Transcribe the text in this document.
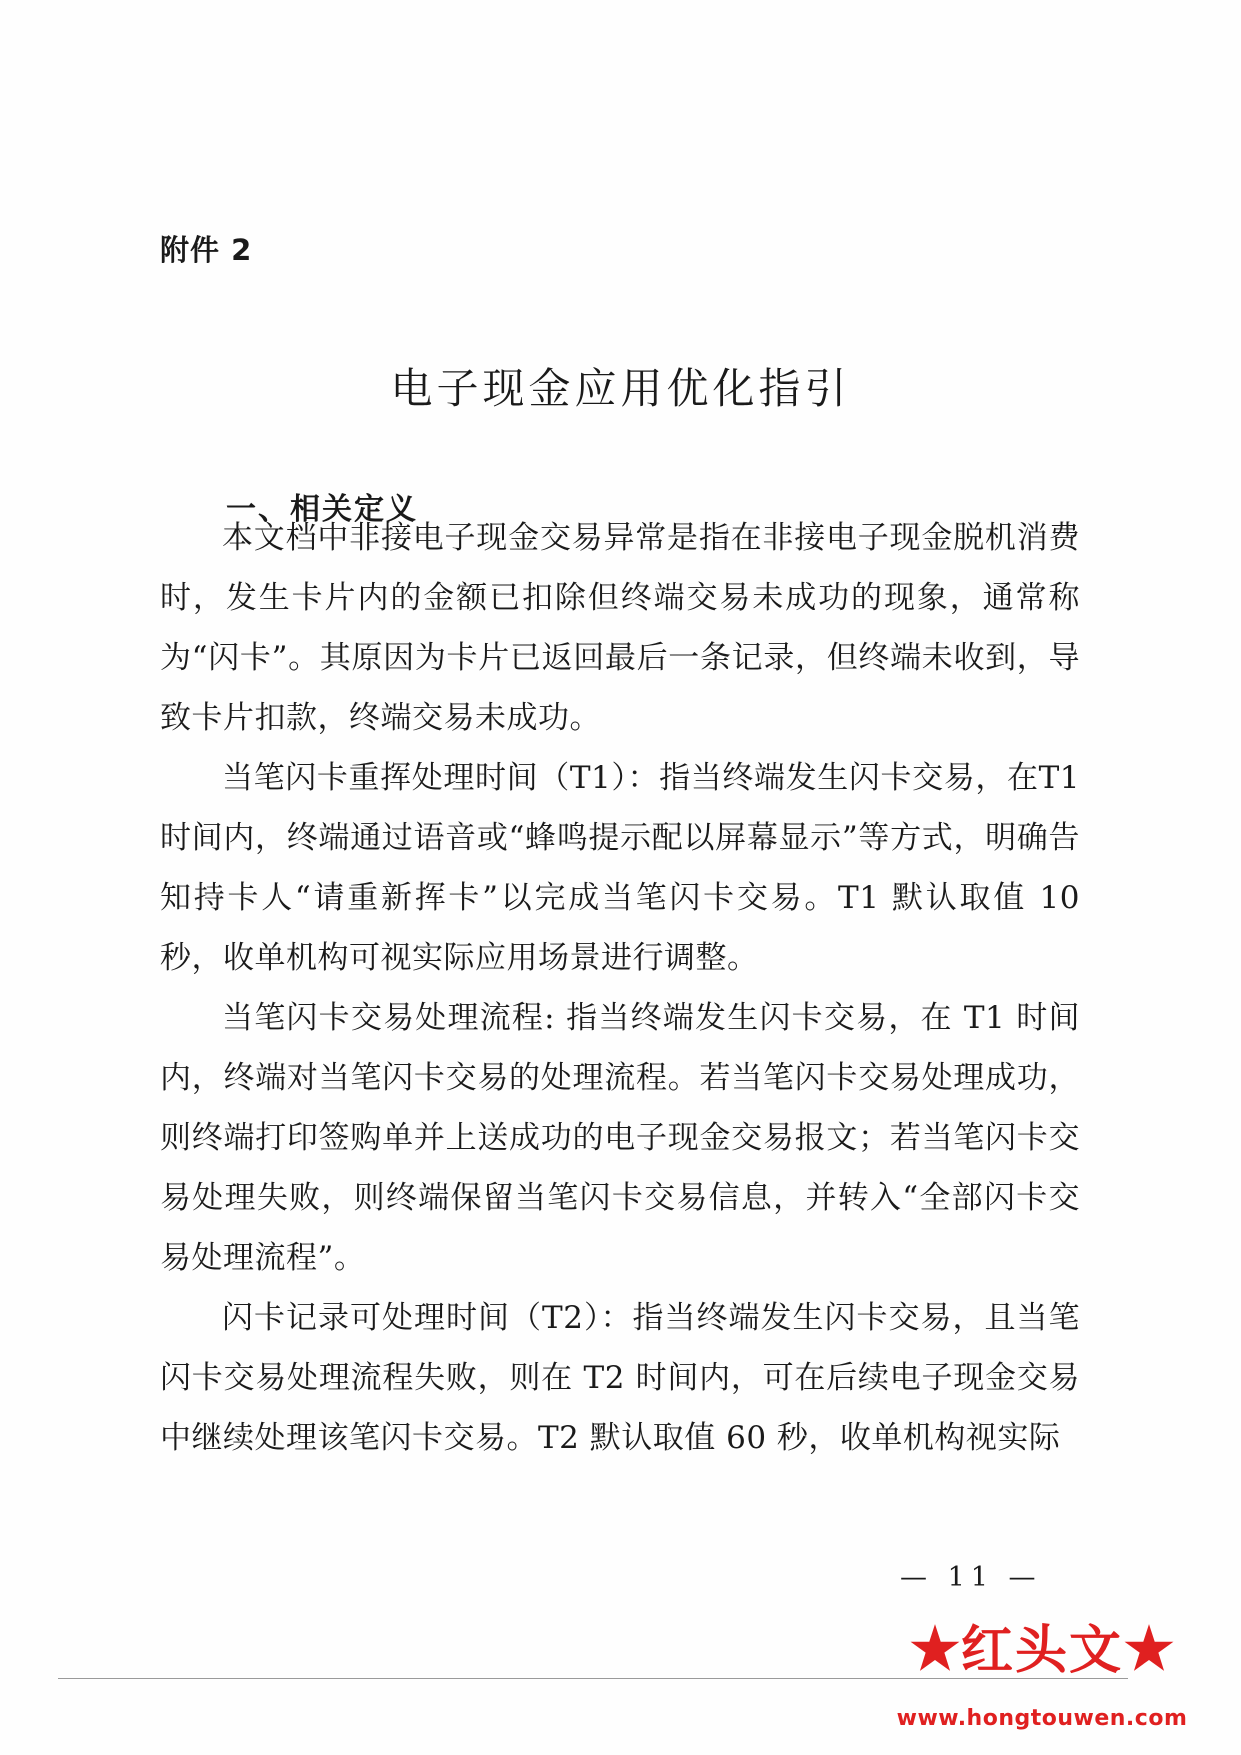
附件 2
电子现金应用优化指引
一、相关定义

本文档中非接电子现金交易异常是指在非接电子现金脱机消费时，发生卡片内的金额已扣除但终端交易未成功的现象，通常称为“闪卡”。其原因为卡片已返回最后一条记录，但终端未收到，导致卡片扣款，终端交易未成功。

当笔闪卡重挥处理时间（T1）：指当终端发生闪卡交易，在T1 时间内，终端通过语音或“蜂鸣提示配以屏幕显示”等方式，明确告知持卡人“请重新挥卡”以完成当笔闪卡交易。T1 默认取值 10 秒，收单机构可视实际应用场景进行调整。

当笔闪卡交易处理流程: 指当终端发生闪卡交易，在 T1 时间内，终端对当笔闪卡交易的处理流程。若当笔闪卡交易处理成功，则终端打印签购单并上送成功的电子现金交易报文；若当笔闪卡交易处理失败，则终端保留当笔闪卡交易信息，并转入“全部闪卡交易处理流程”。

闪卡记录可处理时间（T2）：指当终端发生闪卡交易，且当笔闪卡交易处理流程失败，则在 T2 时间内，可在后续电子现金交易中继续处理该笔闪卡交易。T2 默认取值 60 秒，收单机构视实际

— 11 —
红头文
www.hongtouwen.com
